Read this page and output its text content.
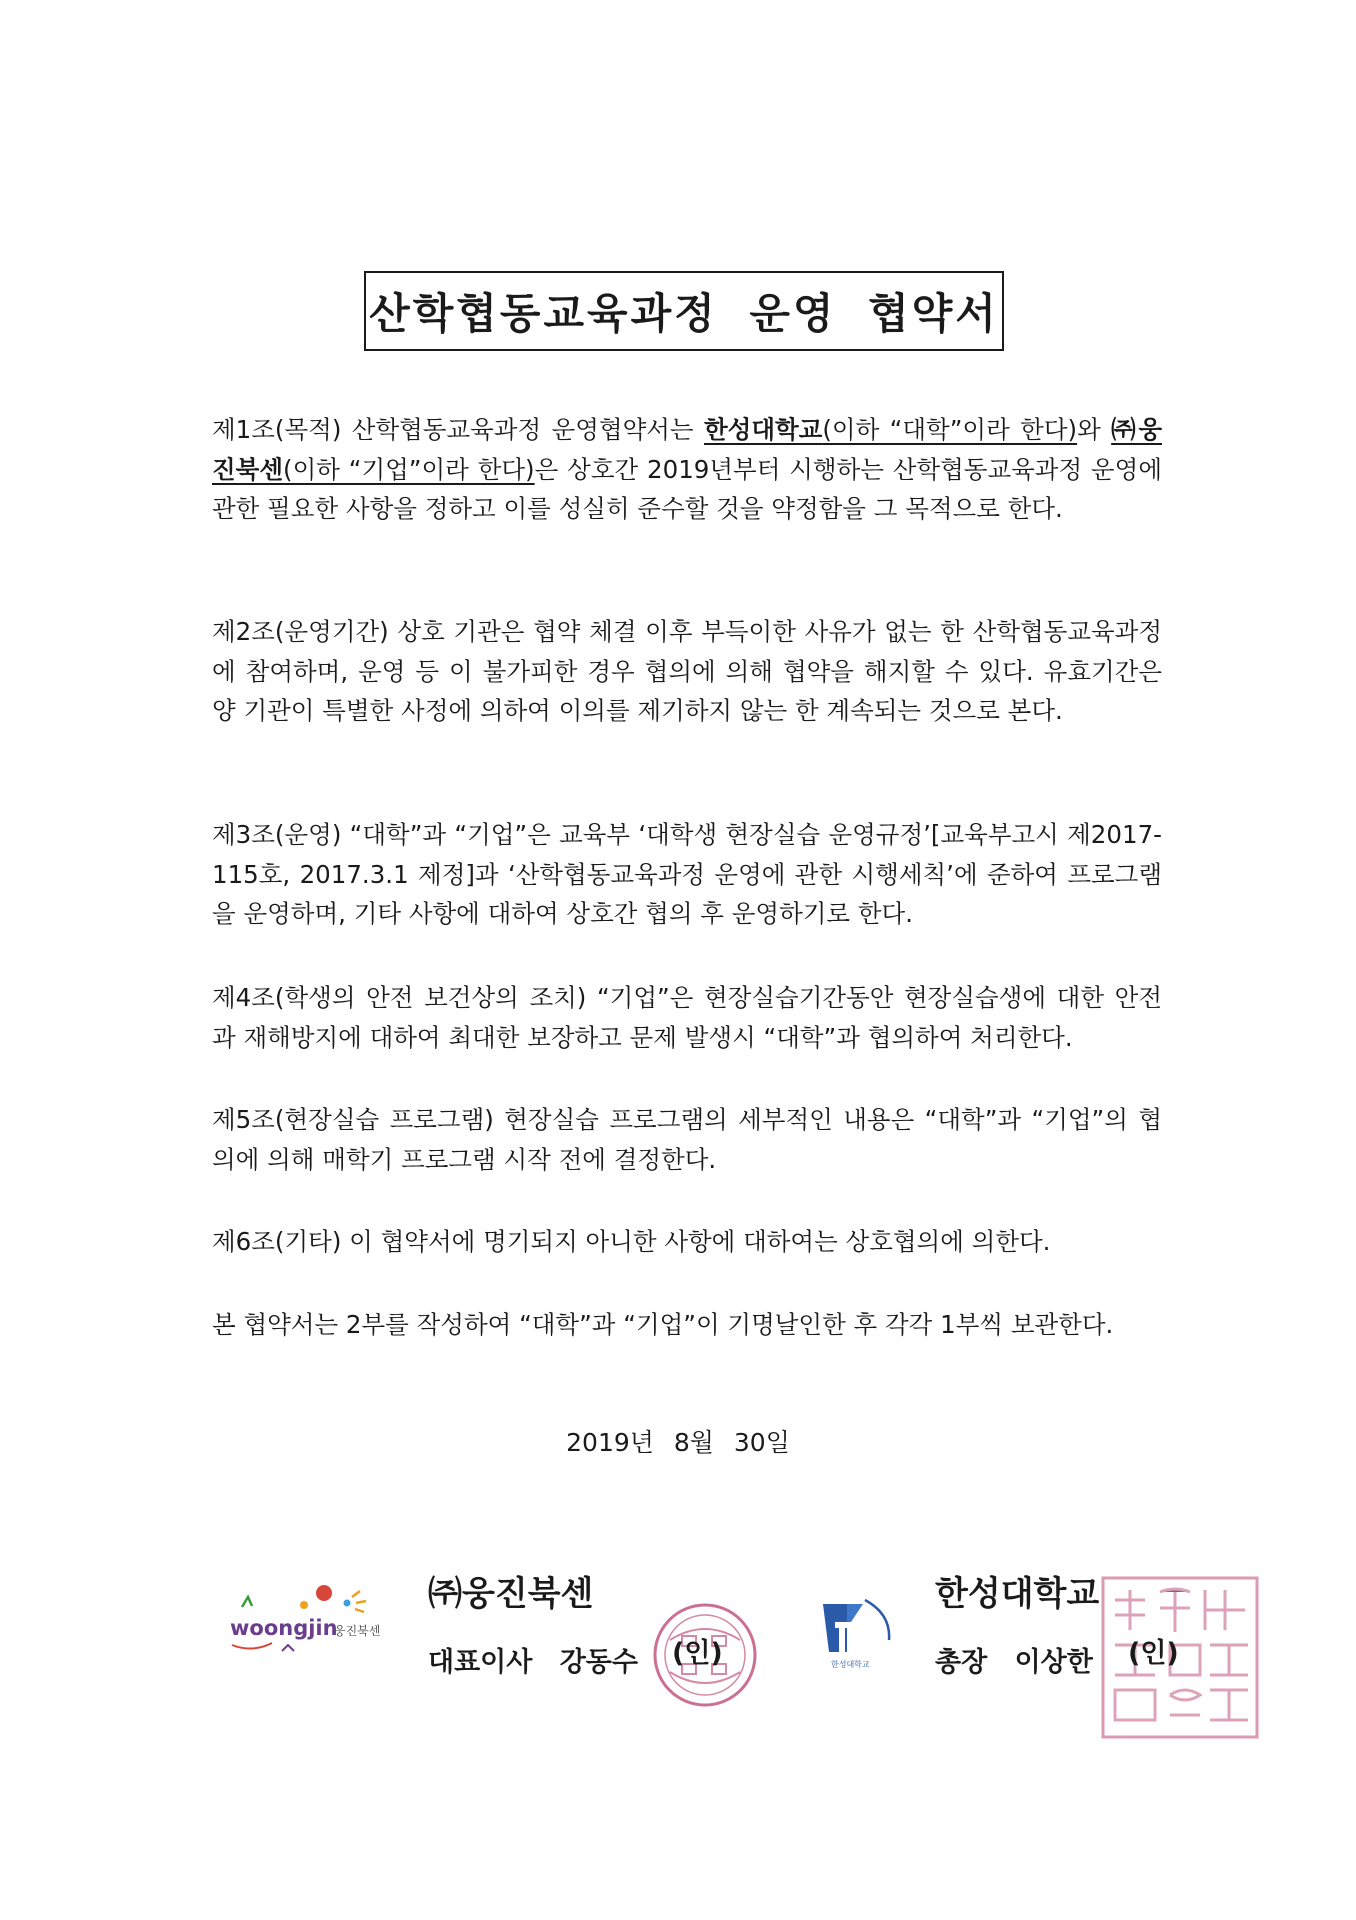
산학협동교육과정 운영 협약서

제1조(목적) 산학협동교육과정 운영협약서는 한성대학교(이하 “대학”이라 한다)와 ㈜웅진북센(이하 “기업”이라 한다)은 상호간 2019년부터 시행하는 산학협동교육과정 운영에 관한 필요한 사항을 정하고 이를 성실히 준수할 것을 약정함을 그 목적으로 한다.

제2조(운영기간) 상호 기관은 협약 체결 이후 부득이한 사유가 없는 한 산학협동교육과정에 참여하며, 운영 등 이 불가피한 경우 협의에 의해 협약을 해지할 수 있다. 유효기간은 양 기관이 특별한 사정에 의하여 이의를 제기하지 않는 한 계속되는 것으로 본다.

제3조(운영) “대학”과 “기업”은 교육부 ‘대학생 현장실습 운영규정’[교육부고시 제2017-115호, 2017.3.1 제정]과 ‘산학협동교육과정 운영에 관한 시행세칙’에 준하여 프로그램을 운영하며, 기타 사항에 대하여 상호간 협의 후 운영하기로 한다.

제4조(학생의 안전 보건상의 조치) “기업”은 현장실습기간동안 현장실습생에 대한 안전과 재해방지에 대하여 최대한 보장하고 문제 발생시 “대학”과 협의하여 처리한다.

제5조(현장실습 프로그램) 현장실습 프로그램의 세부적인 내용은 “대학”과 “기업”의 협의에 의해 매학기 프로그램 시작 전에 결정한다.

제6조(기타) 이 협약서에 명기되지 아니한 사항에 대하여는 상호협의에 의한다.

본 협약서는 2부를 작성하여 “대학”과 “기업”이 기명날인한 후 각각 1부씩 보관한다.

2019년 8월 30일
woongjin
웅진북센
㈜웅진북센
대표이사 강동수 (인)	한성대학교
한성대학교
총장 이상한 (인)
